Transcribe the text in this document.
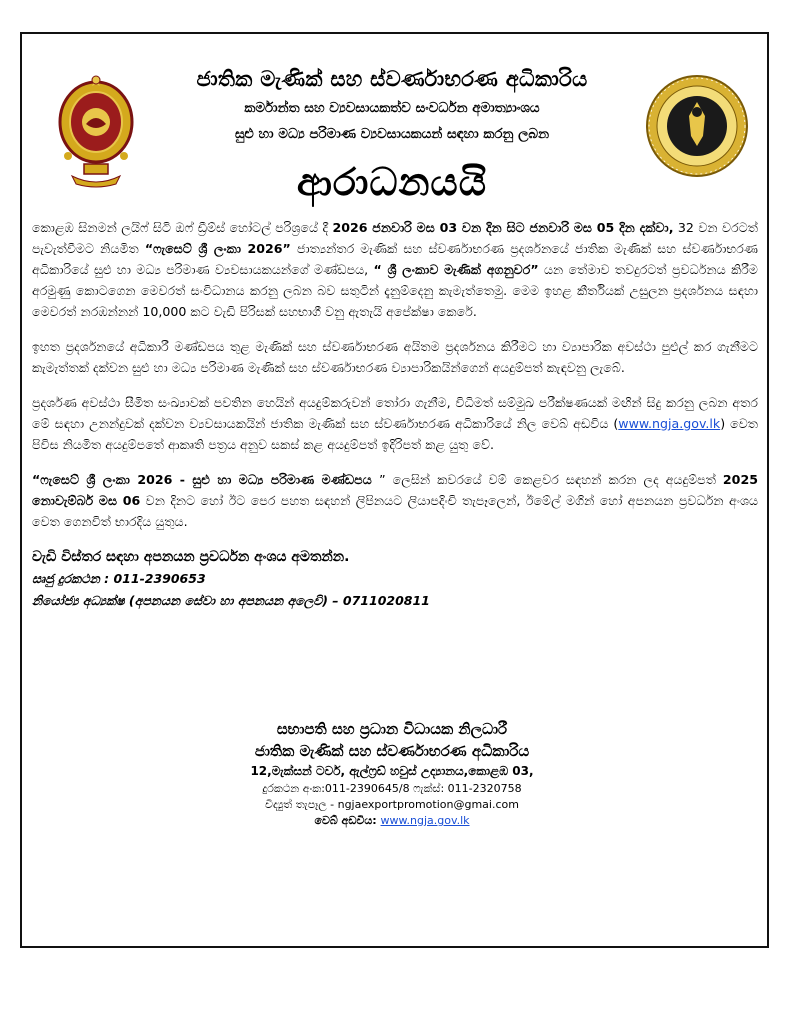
ජාතික මැණික් සහ ස්වර්ණාභරණ අධිකාරිය
කර්මාන්ත සහ ව්‍යවසායකත්ව සංවර්ධන අමාත්‍යාංශය
සුළු හා මධ්‍ය පරිමාණ ව්‍යවසායකයන් සඳහා කරනු ලබන
ආරාධනයයි

කොළඹ සිනමන් ලයිෆ් සිටි ඔෆ් ඩ්‍රීම්ස් හෝටල් පරිශ්‍රයේ දී 2026 ජනවාරි මස 03 වන දින සිට ජනවාරි මස 05 දින දක්වා, 32 වන වරටත් පැවැත්වීමට නියමිත “ෆැසෙට් ශ්‍රී ලංකා 2026” ජාත්‍යන්තර මැණික් සහ ස්වර්ණාභරණ ප්‍රදර්ශනයේ ජාතික මැණික් සහ ස්වර්ණාභරණ අධිකාරියේ සුළු හා මධ්‍ය පරිමාණ ව්‍යවසායකයන්ගේ මණ්ඩපය, “ ශ්‍රී ලංකාව මැණික් අගනුවර” යන තේමාව තවදුරටත් ප්‍රවර්ධනය කිරීම අරමුණු කොටගෙන මෙවරත් සංවිධානය කරනු ලබන බව සතුටින් දැනුම්දෙනු කැමැත්තෙමු. මෙම ඉහළ කීර්තියක් උසුලන ප්‍රදර්ශනය සඳහා මෙවරත් නරඹන්නන් 10,000 කට වැඩි පිරිසක් සහභාගී වනු ඇතැයි අපේක්ෂා කෙරේ.

ඉහත ප්‍රදර්ශනයේ අධිකාරී මණ්ඩපය තුළ මැණික් සහ ස්වර්ණාභරණ අයිතම ප්‍රදර්ශනය කිරීමට හා ව්‍යාපාරික අවස්ථා පුළුල් කර ගැනීමට කැමැත්තක් දක්වන සුළු හා මධ්‍ය පරිමාණ මැණික් සහ ස්වර්ණාභරණ ව්‍යාපාරිකයින්ගෙන් අයදුම්පත් කැඳවනු ලැබේ.

ප්‍රදර්ශණ අවස්ථා සීමිත සංඛ්‍යාවක් පවතින හෙයින් අයදුම්කරුවන් තෝරා ගැනීම, විධිමත් සම්මුඛ පරීක්ෂණයක් මඟින් සිදු කරනු ලබන අතර මේ සඳහා උනන්දුවක් දක්වන ව්‍යවසායකයින් ජාතික මැණික් සහ ස්වර්ණාභරණ අධිකාරියේ නිල වෙබ් අඩවිය (www.ngja.gov.lk) වෙත පිවිස නියමිත අයදුම්පතේ ආකෘති පත්‍රය අනුව සකස් කළ අයදුම්පත් ඉදිරිපත් කළ යුතු වේ.

“ෆැසෙට් ශ්‍රී ලංකා 2026 - සුළු හා මධ්‍ය පරිමාණ මණ්ඩපය ” ලෙසින් කවරයේ වම් කෙළවර සඳහන් කරන ලද අයදුම්පත් 2025 නොවැම්බර් මස 06 වන දිනට හෝ ඊට පෙර පහත සඳහන් ලිපිනයට ලියාපදිංචි තැපෑලෙන්, ඊමේල් මගින් හෝ අපනයන ප්‍රවර්ධන අංශය වෙත ගෙනවිත් භාරදිය යුතුය.

වැඩි විස්තර සඳහා අපනයන ප්‍රවර්ධන අංශය අමතන්න.
සෘජු දුරකථන : 011-2390653
නියෝජ්‍ය අධ්‍යක්ෂ (අපනයන සේවා හා අපනයන අලෙවි) – 0711020811
සභාපති සහ ප්‍රධාන විධායක නිලධාරී
ජාතික මැණික් සහ ස්වර්ණාභරණ අධිකාරිය
12,මැක්සන් ටවර්, ඇල්ෆ්‍රඩ් හවුස් උද්‍යානය,කොළඹ 03,
දුරකථන අංක:011-2390645/8 ෆැක්ස්: 011-2320758
විද්‍යුත් තැපෑල - ngjaexportpromotion@gmai.com
වෙබ් අඩවිය: www.ngja.gov.lk
